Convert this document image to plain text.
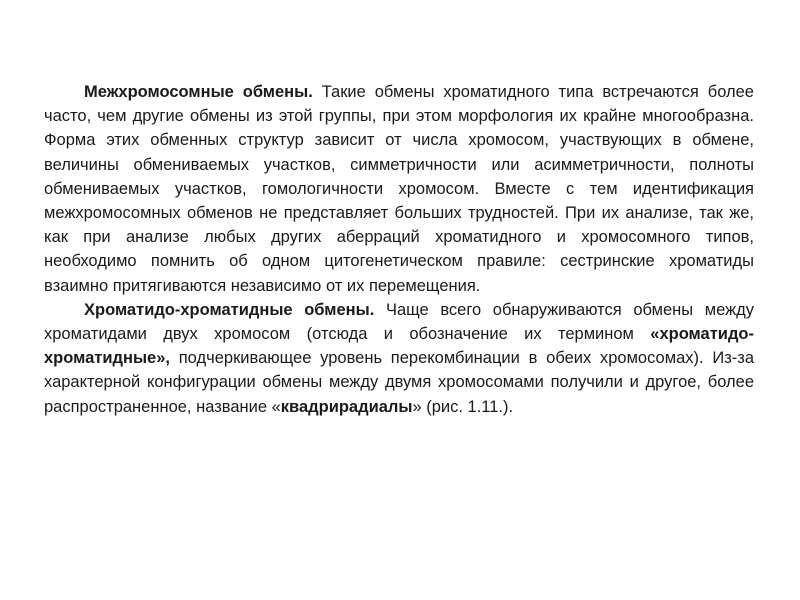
Межхромосомные обмены. Такие обмены хроматидного типа встречаются более часто, чем другие обмены из этой группы, при этом морфология их крайне многообразна. Форма этих обменных структур зависит от числа хромосом, участвующих в обмене, величины обмениваемых участков, симметричности или асимметричности, полноты обмениваемых участков, гомологичности хромосом. Вместе с тем идентификация межхромосомных обменов не представляет больших трудностей. При их анализе, так же, как при анализе любых других аберраций хроматидного и хромосомного типов, необходимо помнить об одном цитогенетическом правиле: сестринские хроматиды взаимно притягиваются независимо от их перемещения.

Хроматидо-хроматидные обмены. Чаще всего обнаруживаются обмены между хроматидами двух хромосом (отсюда и обозначение их термином «хроматидо-хроматидные», подчеркивающее уровень перекомбинации в обеих хромосомах). Из-за характерной конфигурации обмены между двумя хромосомами получили и другое, более распространенное, название «квадрирадиалы» (рис. 1.11.).
